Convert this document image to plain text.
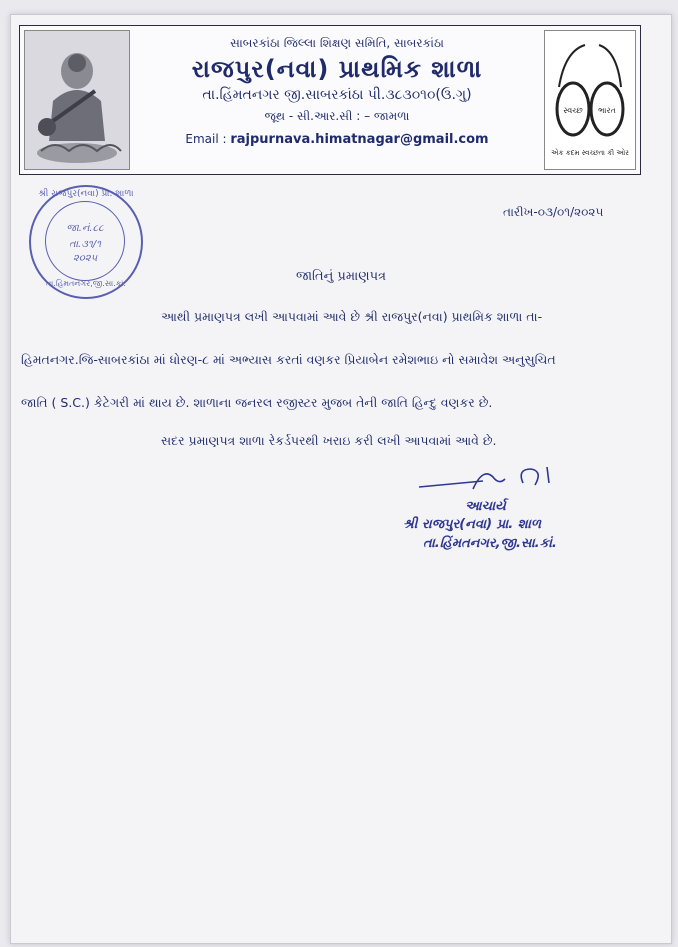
સાબરકાંઠા જિલ્લા શિક્ષણ સમિતિ, સાબરકાંઠા
રાજપુર(નવા) પ્રાથમિક શાળા
તા.હિંમતનગર જી.સાબરકાંઠા પી.૩૮૩૦૧૦(ઉ.ગુ)
જૂથ - સી.આર.સી : – જામળા
Email : rajpurnava.himatnagar@gmail.com
સ્વચ્છ ભારત
એક કદમ સ્વચ્છતા કી ઓર
શ્રી રાજપુર(નવા) પ્રા. શાળા
જા.નં.૮૮
તા.૩૧/૧
૨૦૨૫
તા.હિંમતનગર,જી.સા.કાં.
તારીખ-૦૩/૦૧/૨૦૨૫
જાતિનું પ્રમાણપત્ર
આથી પ્રમાણપત્ર લખી આપવામાં આવે છે શ્રી રાજપુર(નવા) પ્રાથમિક શાળા તા-
હિમતનગર.જિ-સાબરકાંઠા માં ધોરણ-૮ માં અભ્યાસ કરતાં વણકર પ્રિયાબેન રમેશભાઇ નો સમાવેશ અનુસુચિત
જાતિ ( S.C.) કેટેગરી માં થાય છે. શાળાના જનરલ રજીસ્ટર મુજબ તેની જાતિ હિન્દુ વણકર છે.
સદર પ્રમાણપત્ર શાળા રેકર્ડપરથી ખરાઇ કરી લખી આપવામાં આવે છે.
આચાર્ય
શ્રી રાજપુર(નવા) પ્રા. શાળ
તા.હિંમતનગર,જી.સા.કાં.
